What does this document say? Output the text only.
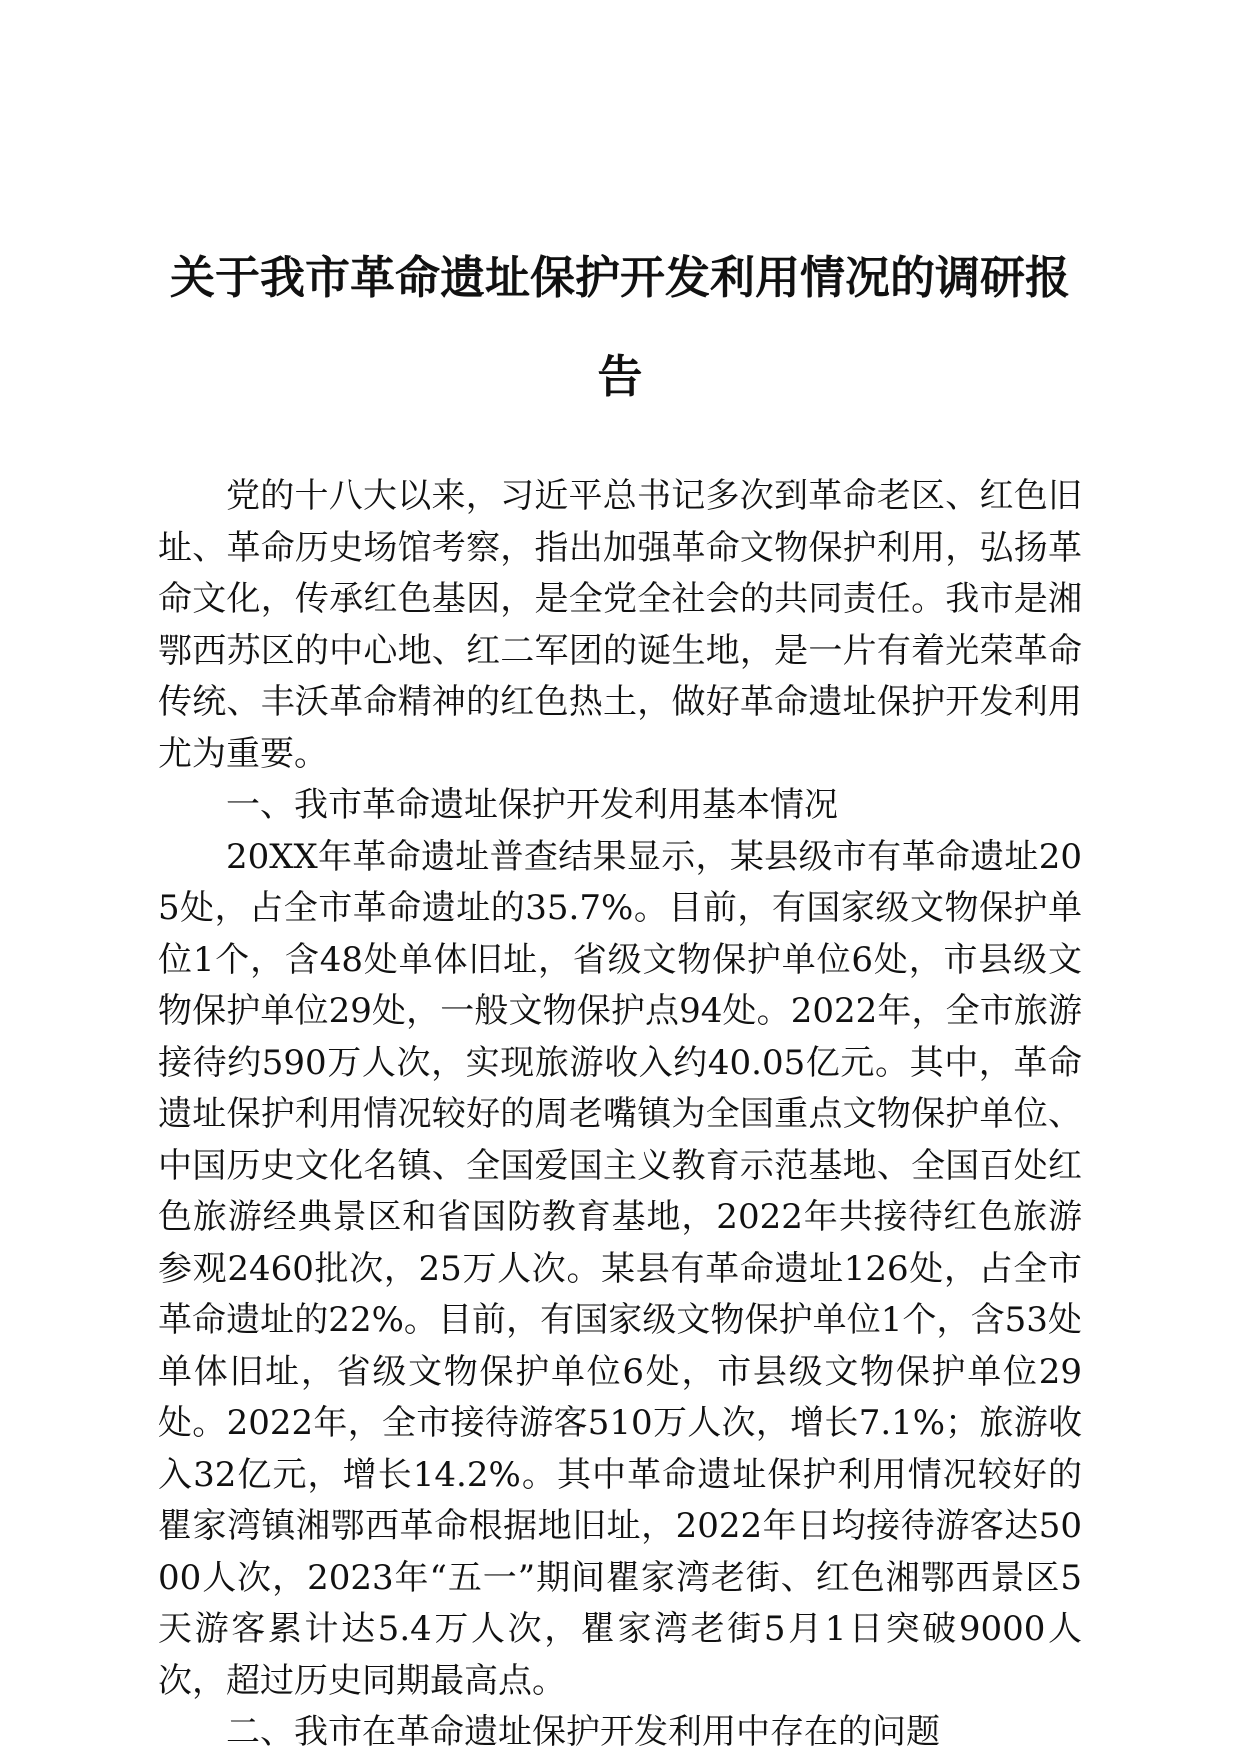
关于我市革命遗址保护开发利用情况的调研报告

党的十八大以来，习近平总书记多次到革命老区、红色旧址、革命历史场馆考察，指出加强革命文物保护利用，弘扬革命文化，传承红色基因，是全党全社会的共同责任。我市是湘鄂西苏区的中心地、红二军团的诞生地，是一片有着光荣革命传统、丰沃革命精神的红色热土，做好革命遗址保护开发利用尤为重要。

一、我市革命遗址保护开发利用基本情况

20XX年革命遗址普查结果显示，某县级市有革命遗址205处，占全市革命遗址的35.7%。目前，有国家级文物保护单位1个，含48处单体旧址，省级文物保护单位6处，市县级文物保护单位29处，一般文物保护点94处。2022年，全市旅游接待约590万人次，实现旅游收入约40.05亿元。其中，革命遗址保护利用情况较好的周老嘴镇为全国重点文物保护单位、中国历史文化名镇、全国爱国主义教育示范基地、全国百处红色旅游经典景区和省国防教育基地，2022年共接待红色旅游参观2460批次，25万人次。某县有革命遗址126处，占全市革命遗址的22%。目前，有国家级文物保护单位1个，含53处单体旧址，省级文物保护单位6处，市县级文物保护单位29处。2022年，全市接待游客510万人次，增长7.1%；旅游收入32亿元，增长14.2%。其中革命遗址保护利用情况较好的瞿家湾镇湘鄂西革命根据地旧址，2022年日均接待游客达5000人次，2023年“五一”期间瞿家湾老街、红色湘鄂西景区5天游客累计达5.4万人次，瞿家湾老街5月1日突破9000人次，超过历史同期最高点。

二、我市在革命遗址保护开发利用中存在的问题
